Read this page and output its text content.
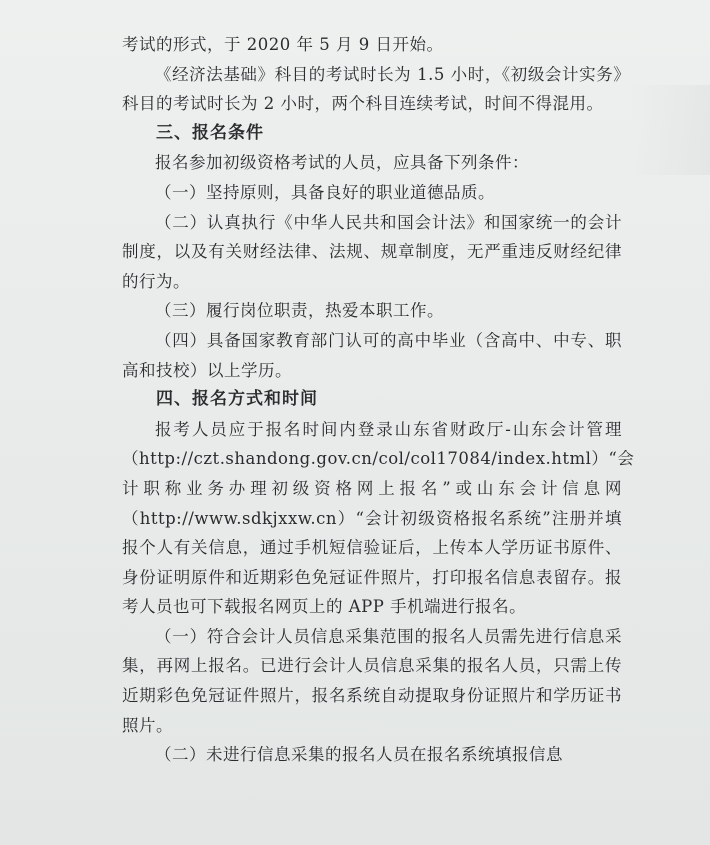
考试的形式，于 2020 年 5 月 9 日开始。

《经济法基础》科目的考试时长为 1.5 小时，《初级会计实务》科目的考试时长为 2 小时，两个科目连续考试，时间不得混用。

三、报名条件

报名参加初级资格考试的人员，应具备下列条件：

（一）坚持原则，具备良好的职业道德品质。

（二）认真执行《中华人民共和国会计法》和国家统一的会计制度，以及有关财经法律、法规、规章制度，无严重违反财经纪律的行为。

（三）履行岗位职责，热爱本职工作。

（四）具备国家教育部门认可的高中毕业（含高中、中专、职高和技校）以上学历。

四、报名方式和时间

报考人员应于报名时间内登录山东省财政厅-山东会计管理（http://czt.shandong.gov.cn/col/col17084/index.html）“会计职称业务办理初级资格网上报名”或山东会计信息网（http://www.sdkjxxw.cn）“会计初级资格报名系统”注册并填报个人有关信息，通过手机短信验证后，上传本人学历证书原件、身份证明原件和近期彩色免冠证件照片，打印报名信息表留存。报考人员也可下载报名网页上的 APP 手机端进行报名。

（一）符合会计人员信息采集范围的报名人员需先进行信息采集，再网上报名。已进行会计人员信息采集的报名人员，只需上传近期彩色免冠证件照片，报名系统自动提取身份证照片和学历证书照片。

（二）未进行信息采集的报名人员在报名系统填报信息
